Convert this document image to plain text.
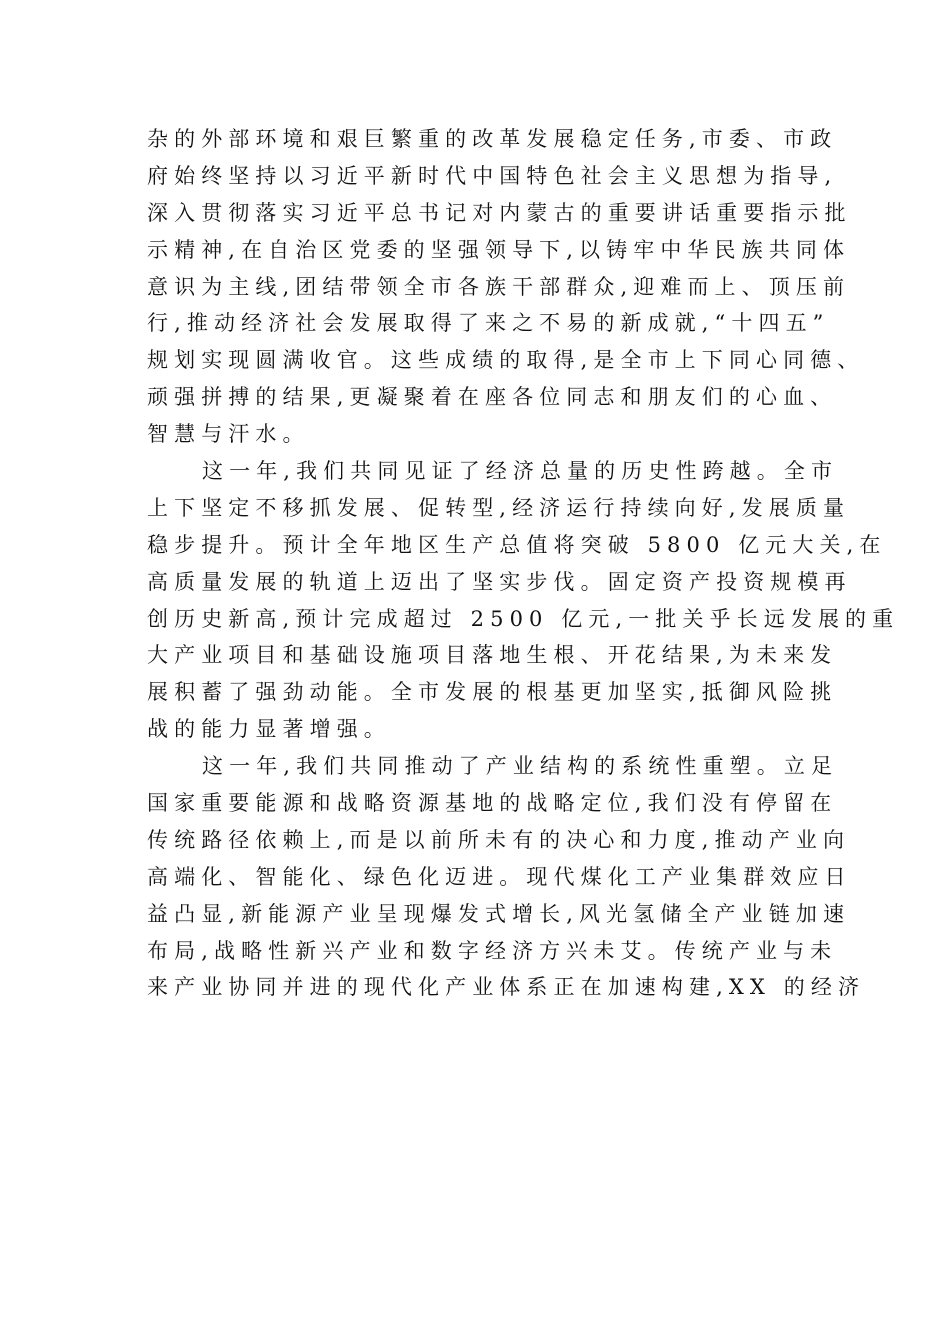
杂的外部环境和艰巨繁重的改革发展稳定任务,市委、市政
府始终坚持以习近平新时代中国特色社会主义思想为指导,
深入贯彻落实习近平总书记对内蒙古的重要讲话重要指示批
示精神,在自治区党委的坚强领导下,以铸牢中华民族共同体
意识为主线,团结带领全市各族干部群众,迎难而上、顶压前
行,推动经济社会发展取得了来之不易的新成就,“十四五”
规划实现圆满收官。这些成绩的取得,是全市上下同心同德、
顽强拼搏的结果,更凝聚着在座各位同志和朋友们的心血、
智慧与汗水。
这一年,我们共同见证了经济总量的历史性跨越。全市
上下坚定不移抓发展、促转型,经济运行持续向好,发展质量
稳步提升。预计全年地区生产总值将突破 5800 亿元大关,在
高质量发展的轨道上迈出了坚实步伐。固定资产投资规模再
创历史新高,预计完成超过 2500 亿元,一批关乎长远发展的重
大产业项目和基础设施项目落地生根、开花结果,为未来发
展积蓄了强劲动能。全市发展的根基更加坚实,抵御风险挑
战的能力显著增强。
这一年,我们共同推动了产业结构的系统性重塑。立足
国家重要能源和战略资源基地的战略定位,我们没有停留在
传统路径依赖上,而是以前所未有的决心和力度,推动产业向
高端化、智能化、绿色化迈进。现代煤化工产业集群效应日
益凸显,新能源产业呈现爆发式增长,风光氢储全产业链加速
布局,战略性新兴产业和数字经济方兴未艾。传统产业与未
来产业协同并进的现代化产业体系正在加速构建,XX 的经济
